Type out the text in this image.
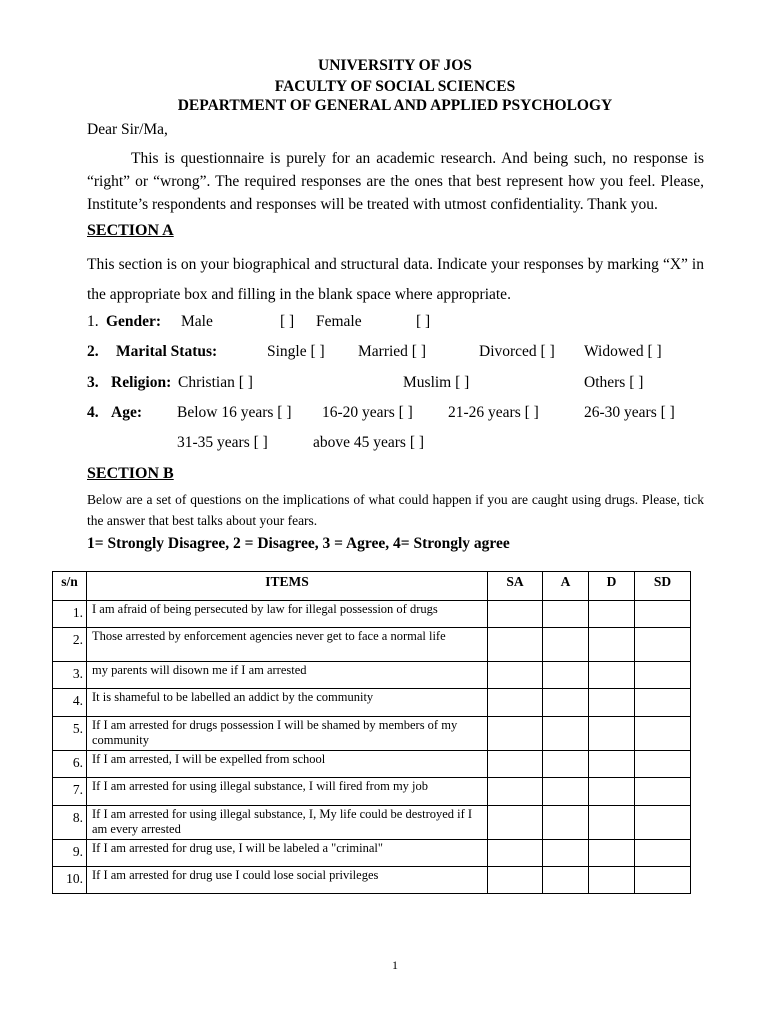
UNIVERSITY OF JOS
FACULTY OF SOCIAL SCIENCES
DEPARTMENT OF GENERAL AND APPLIED PSYCHOLOGY
Dear Sir/Ma,
This is questionnaire is purely for an academic research. And being such, no response is “right” or “wrong”. The required responses are the ones that best represent how you feel. Please, Institute’s respondents and responses will be treated with utmost confidentiality. Thank you.
SECTION A
This section is on your biographical and structural data. Indicate your responses by marking “X” in the appropriate box and filling in the blank space where appropriate.
1. Gender: Male	[ ] Female	[ ]
2. Marital Status:	Single [ ] Married [ ]	Divorced [ ] Widowed [ ]
3. Religion: Christian [ ]	Muslim [ ]	Others [ ]
4. Age: Below 16 years [ ] 16-20 years [ ] 21-26 years [ ]	26-30 years [ ]
31-35 years [ ]	above 45 years [ ]
SECTION B
Below are a set of questions on the implications of what could happen if you are caught using drugs. Please, tick the answer that best talks about your fears.
1= Strongly Disagree, 2 = Disagree, 3 = Agree, 4= Strongly agree
s/n	ITEMS	SA	A	D	SD
1.	I am afraid of being persecuted by law for illegal possession of drugs				
2.	Those arrested by enforcement agencies never get to face a normal life				
3.	my parents will disown me if I am arrested				
4.	It is shameful to be labelled an addict by the community				
5.	If I am arrested for drugs possession I will be shamed by members of my community				
6.	If I am arrested, I will be expelled from school				
7.	If I am arrested for using illegal substance, I will fired from my job				
8.	If I am arrested for using illegal substance, I, My life could be destroyed if I am every arrested				
9.	If I am arrested for drug use, I will be labeled a "criminal"				
10.	If I am arrested for drug use I could lose social privileges				
1
